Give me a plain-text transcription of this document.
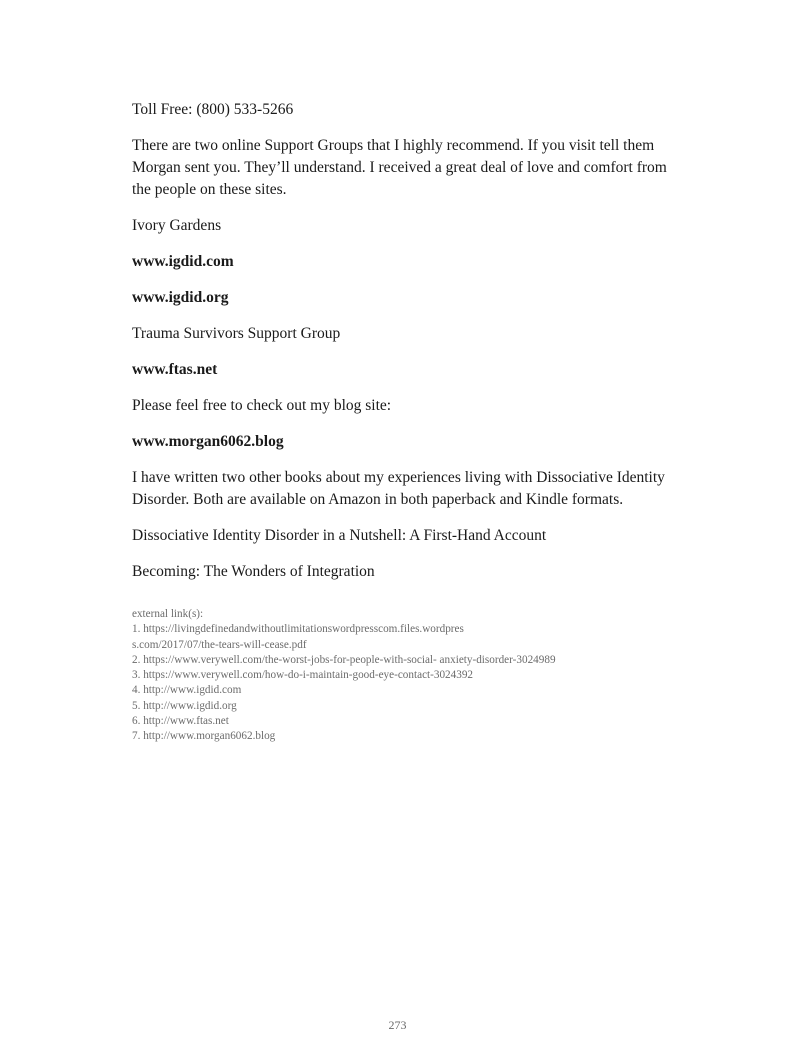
Toll Free: (800) 533-5266

There are two online Support Groups that I highly recommend. If you visit tell them Morgan sent you. They’ll understand. I received a great deal of love and comfort from the people on these sites.

Ivory Gardens

www.igdid.com

www.igdid.org

Trauma Survivors Support Group

www.ftas.net

Please feel free to check out my blog site:

www.morgan6062.blog

I have written two other books about my experiences living with Dissociative Identity Disorder. Both are available on Amazon in both paperback and Kindle formats.

Dissociative Identity Disorder in a Nutshell: A First-Hand Account

Becoming: The Wonders of Integration

external link(s):
1. https://livingdefinedandwithoutlimitationswordpresscom.files.wordpres
s.com/2017/07/the-tears-will-cease.pdf
2. https://www.verywell.com/the-worst-jobs-for-people-with-social- anxiety-disorder-3024989
3. https://www.verywell.com/how-do-i-maintain-good-eye-contact-3024392
4. http://www.igdid.com
5. http://www.igdid.org
6. http://www.ftas.net
7. http://www.morgan6062.blog
273
